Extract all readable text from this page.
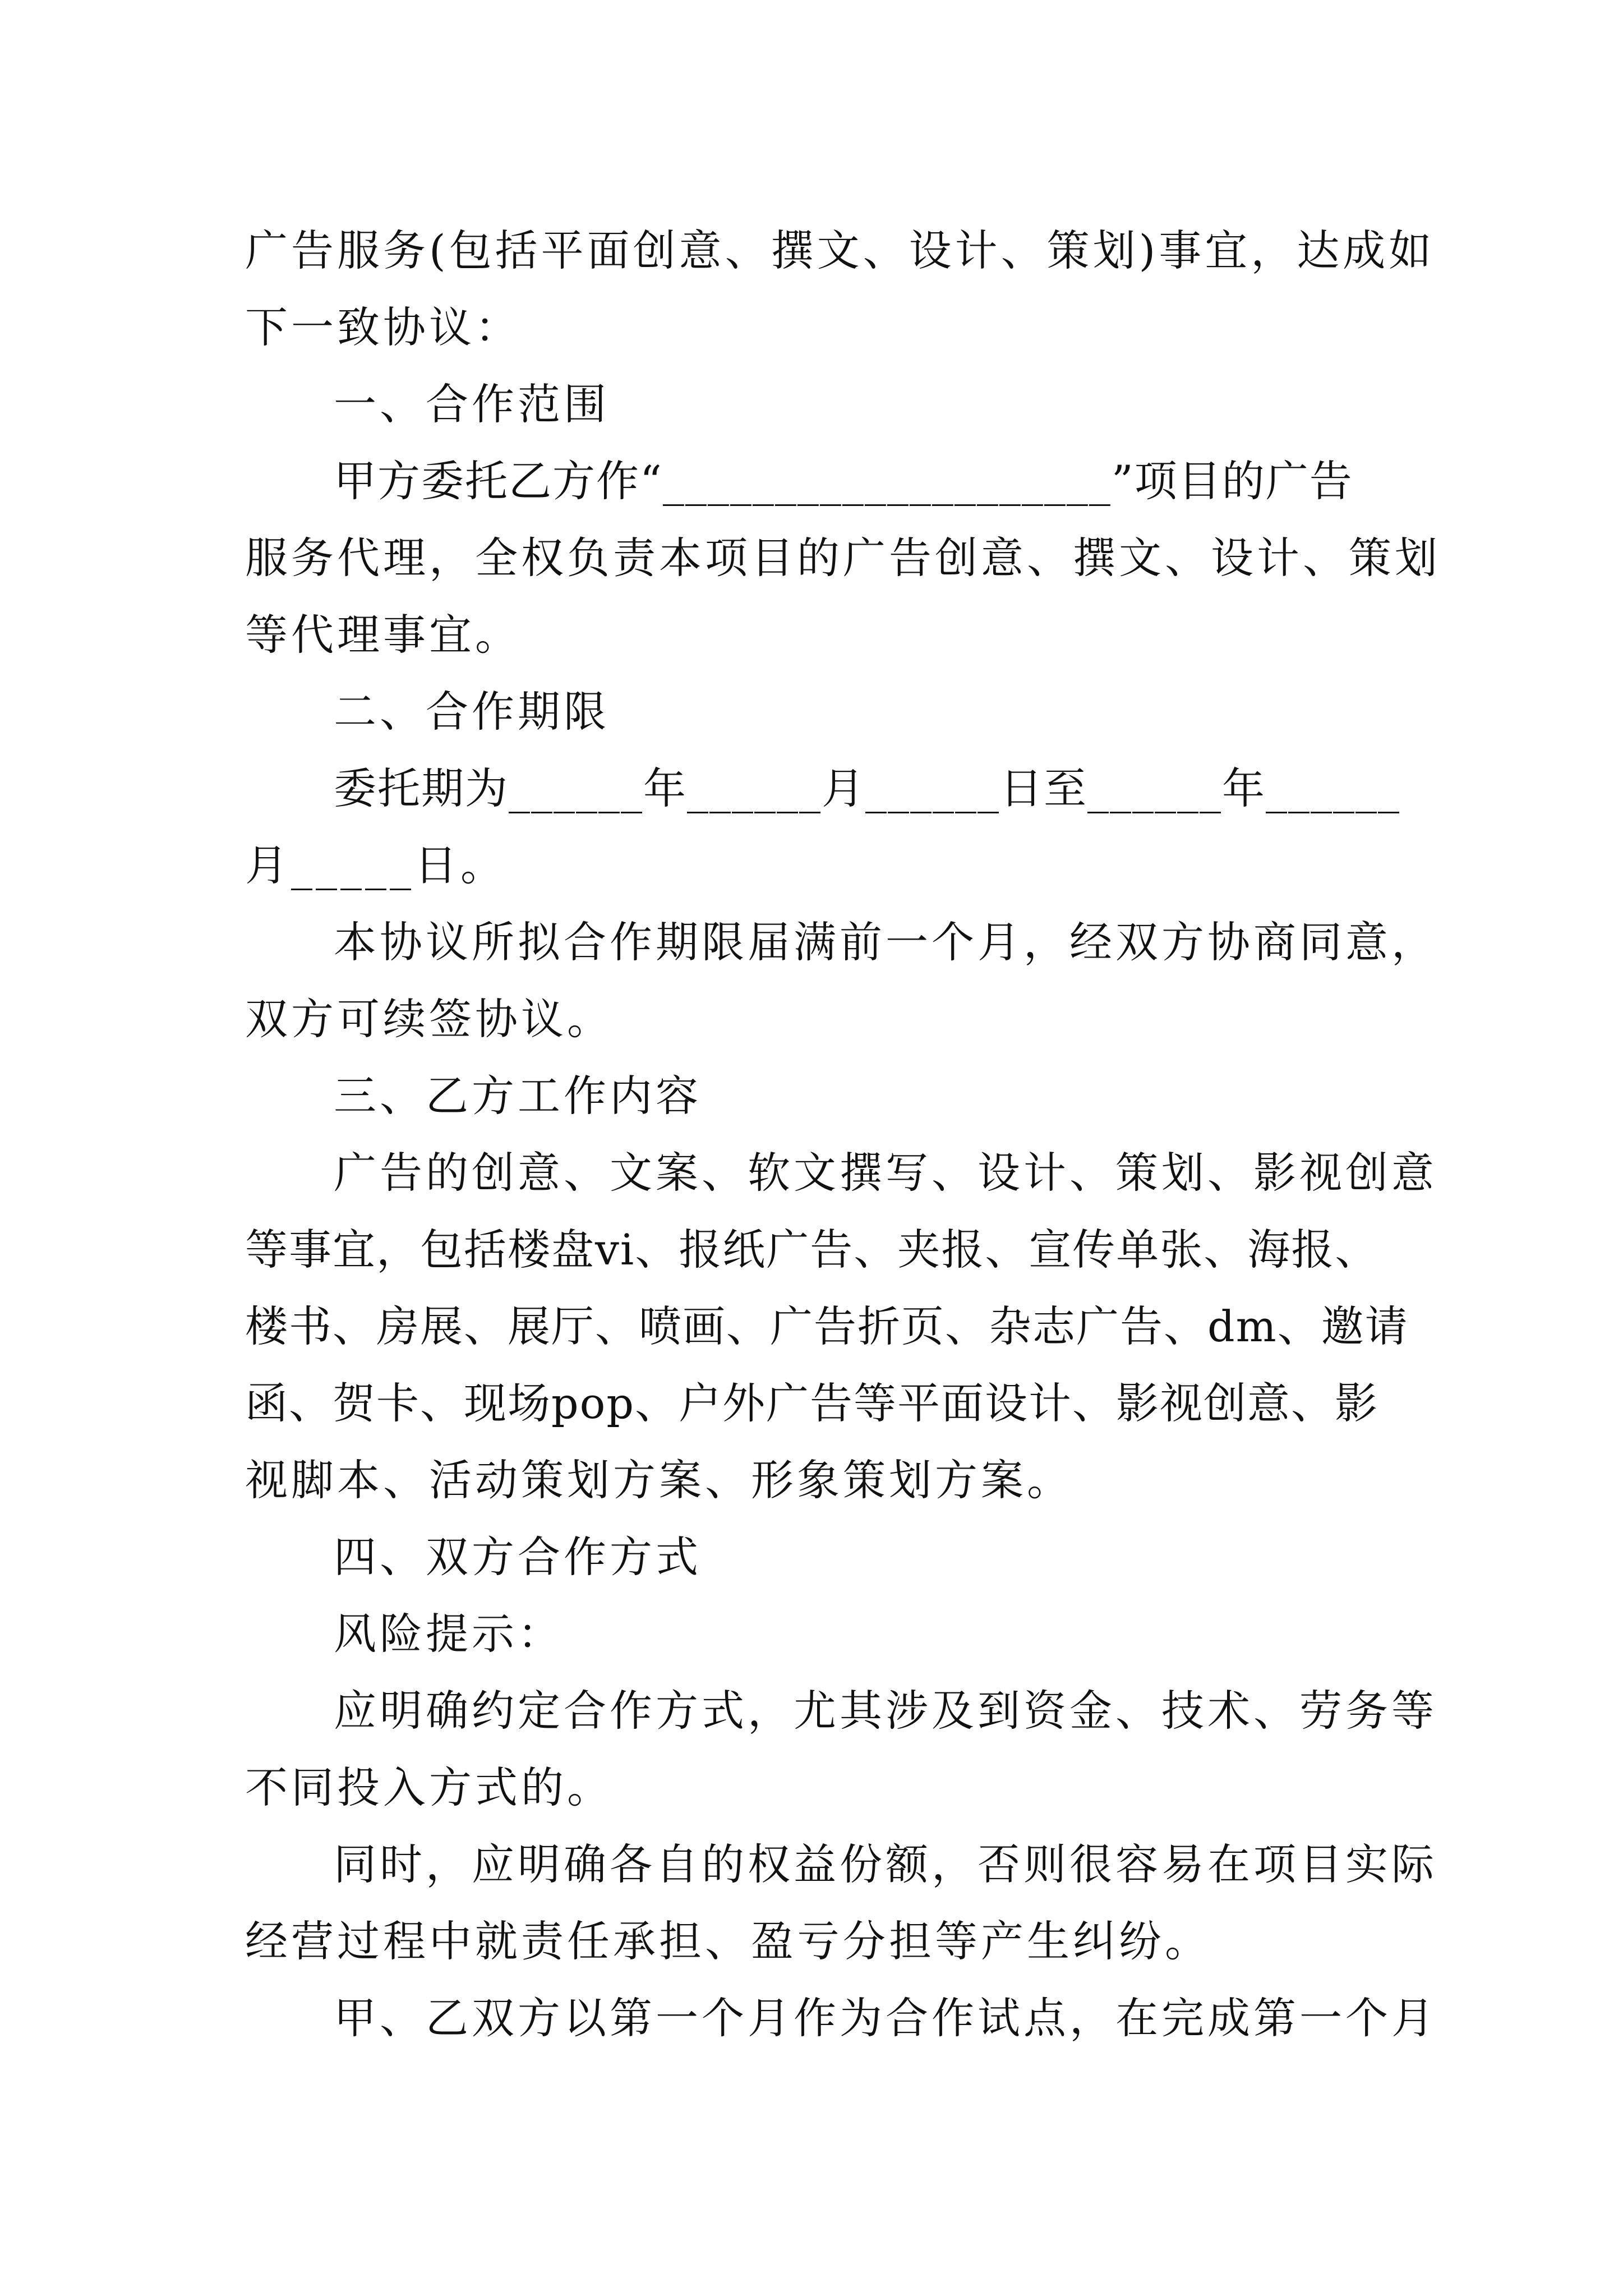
广告服务(包括平面创意、撰文、设计、策划)事宜，达成如
下一致协议：
一、合作范围
甲方委托乙方作“____________________”项目的广告
服务代理，全权负责本项目的广告创意、撰文、设计、策划
等代理事宜。
二、合作期限
委托期为______年______月______日至______年______
月_____日。
本协议所拟合作期限届满前一个月，经双方协商同意，
双方可续签协议。
三、乙方工作内容
广告的创意、文案、软文撰写、设计、策划、影视创意
等事宜，包括楼盘vi、报纸广告、夹报、宣传单张、海报、
楼书、房展、展厅、喷画、广告折页、杂志广告、dm、邀请
函、贺卡、现场pop、户外广告等平面设计、影视创意、影
视脚本、活动策划方案、形象策划方案。
四、双方合作方式
风险提示：
应明确约定合作方式，尤其涉及到资金、技术、劳务等
不同投入方式的。
同时，应明确各自的权益份额，否则很容易在项目实际
经营过程中就责任承担、盈亏分担等产生纠纷。
甲、乙双方以第一个月作为合作试点，在完成第一个月
